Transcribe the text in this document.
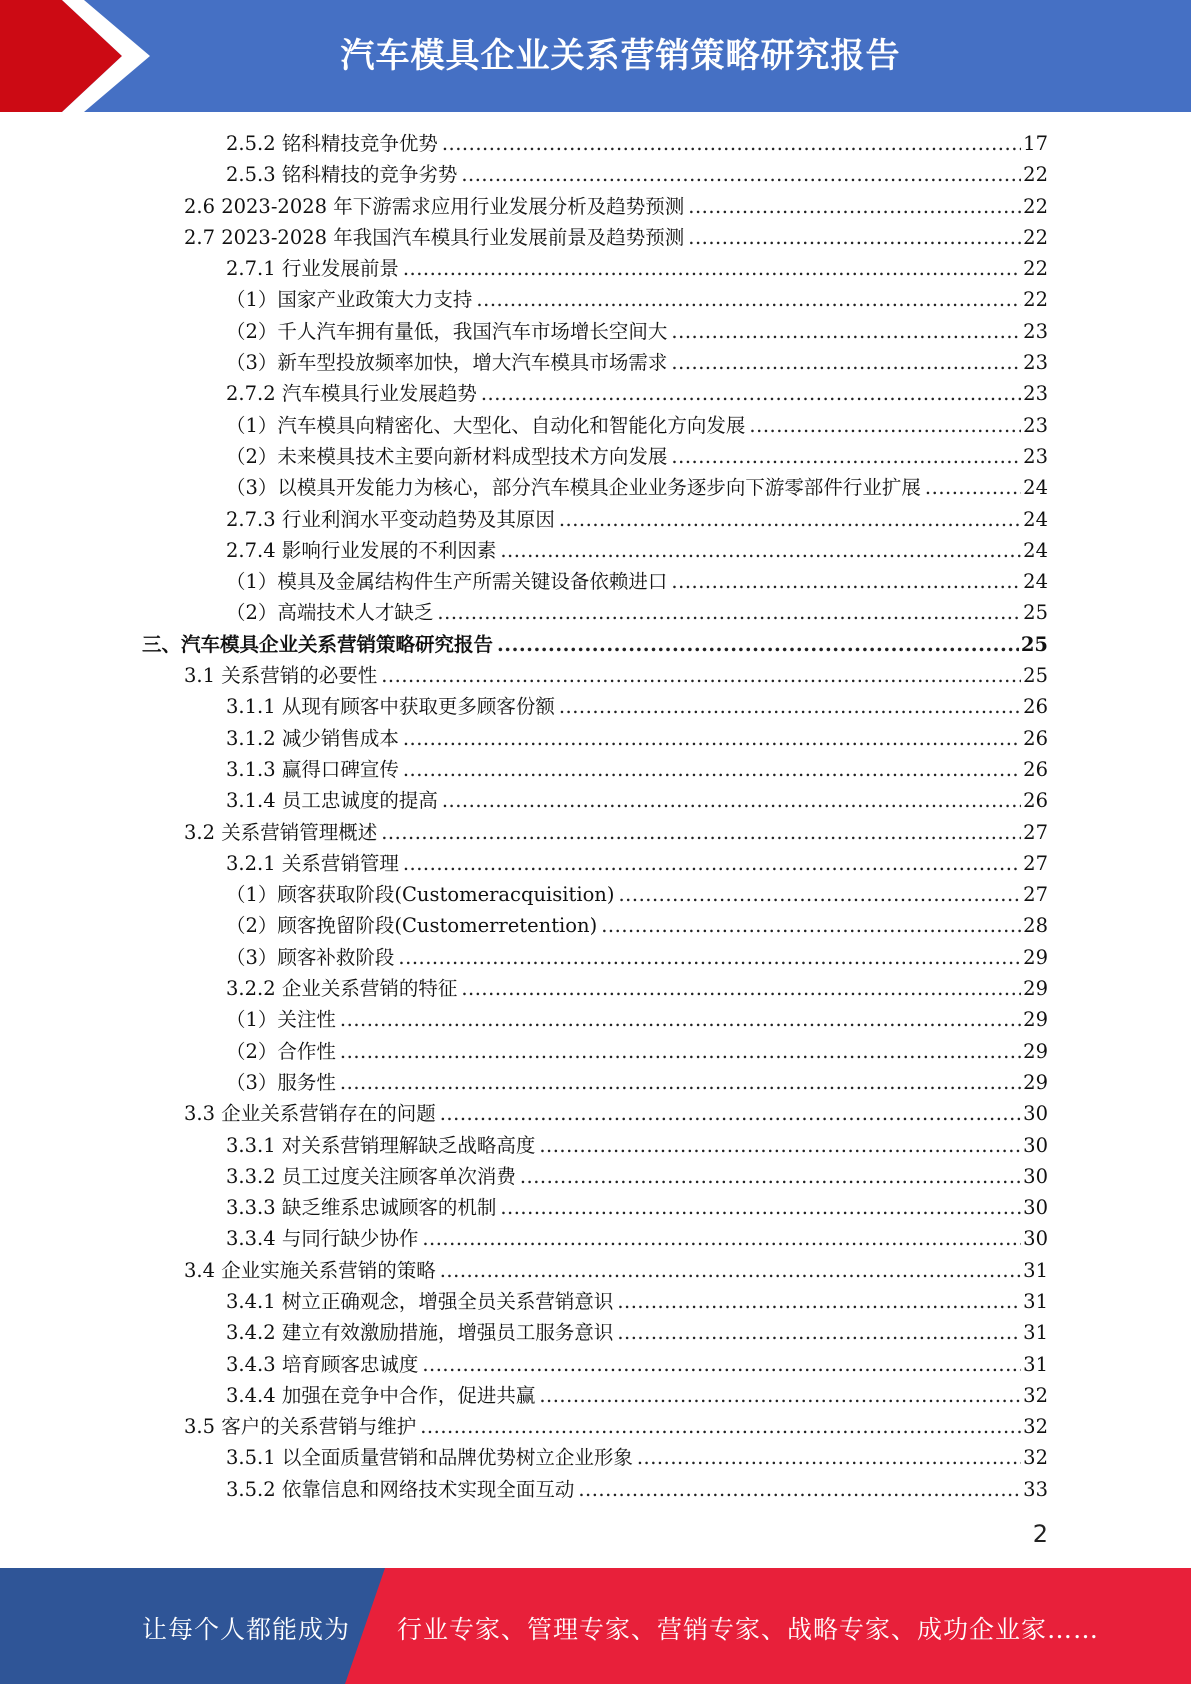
汽车模具企业关系营销策略研究报告
2.5.2 铭科精技竞争优势 .....	17
2.5.3 铭科精技的竞争劣势 .....	22
2.6 2023-2028 年下游需求应用行业发展分析及趋势预测 .....	22
2.7 2023-2028 年我国汽车模具行业发展前景及趋势预测 .....	22
2.7.1 行业发展前景 .....	22
（1）国家产业政策大力支持 .....	22
（2）千人汽车拥有量低，我国汽车市场增长空间大 .....	23
（3）新车型投放频率加快，增大汽车模具市场需求 .....	23
2.7.2 汽车模具行业发展趋势 .....	23
（1）汽车模具向精密化、大型化、自动化和智能化方向发展 .....	23
（2）未来模具技术主要向新材料成型技术方向发展 .....	23
（3）以模具开发能力为核心，部分汽车模具企业业务逐步向下游零部件行业扩展 .....	24
2.7.3 行业利润水平变动趋势及其原因 .....	24
2.7.4 影响行业发展的不利因素 .....	24
（1）模具及金属结构件生产所需关键设备依赖进口 .....	24
（2）高端技术人才缺乏 .....	25
三、汽车模具企业关系营销策略研究报告 .....	25
3.1 关系营销的必要性 .....	25
3.1.1 从现有顾客中获取更多顾客份额 .....	26
3.1.2 减少销售成本 .....	26
3.1.3 赢得口碑宣传 .....	26
3.1.4 员工忠诚度的提高 .....	26
3.2 关系营销管理概述 .....	27
3.2.1 关系营销管理 .....	27
（1）顾客获取阶段(Customeracquisition) .....	27
（2）顾客挽留阶段(Customerretention) .....	28
（3）顾客补救阶段 .....	29
3.2.2 企业关系营销的特征 .....	29
（1）关注性 .....	29
（2）合作性 .....	29
（3）服务性 .....	29
3.3 企业关系营销存在的问题 .....	30
3.3.1 对关系营销理解缺乏战略高度 .....	30
3.3.2 员工过度关注顾客单次消费 .....	30
3.3.3 缺乏维系忠诚顾客的机制 .....	30
3.3.4 与同行缺少协作 .....	30
3.4 企业实施关系营销的策略 .....	31
3.4.1 树立正确观念，增强全员关系营销意识 .....	31
3.4.2 建立有效激励措施，增强员工服务意识 .....	31
3.4.3 培育顾客忠诚度 .....	31
3.4.4 加强在竞争中合作，促进共赢 .....	32
3.5 客户的关系营销与维护 .....	32
3.5.1 以全面质量营销和品牌优势树立企业形象 .....	32
3.5.2 依靠信息和网络技术实现全面互动 .....	33
2
让每个人都能成为 行业专家、管理专家、营销专家、战略专家、成功企业家……
